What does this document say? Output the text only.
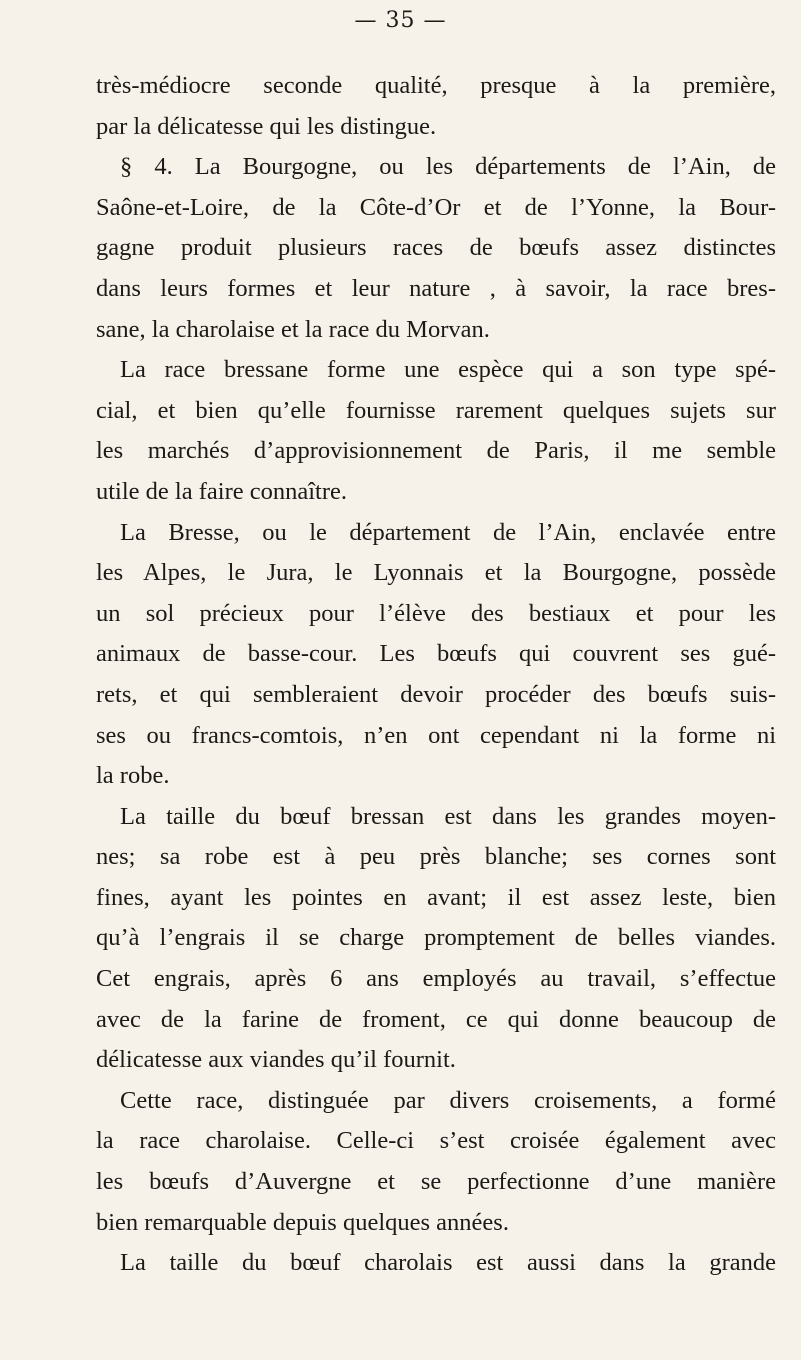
— 35 —
très-médiocre seconde qualité, presque à la première,
par la délicatesse qui les distingue.
§ 4. La Bourgogne, ou les départements de l’Ain, de
Saône-et-Loire, de la Côte-d’Or et de l’Yonne, la Bour-
gagne produit plusieurs races de bœufs assez distinctes
dans leurs formes et leur nature , à savoir, la race bres-
sane, la charolaise et la race du Morvan.
La race bressane forme une espèce qui a son type spé-
cial, et bien qu’elle fournisse rarement quelques sujets sur
les marchés d’approvisionnement de Paris, il me semble
utile de la faire connaître.
La Bresse, ou le département de l’Ain, enclavée entre
les Alpes, le Jura, le Lyonnais et la Bourgogne, possède
un sol précieux pour l’élève des bestiaux et pour les
animaux de basse-cour. Les bœufs qui couvrent ses gué-
rets, et qui sembleraient devoir procéder des bœufs suis-
ses ou francs-comtois, n’en ont cependant ni la forme ni
la robe.
La taille du bœuf bressan est dans les grandes moyen-
nes; sa robe est à peu près blanche; ses cornes sont
fines, ayant les pointes en avant; il est assez leste, bien
qu’à l’engrais il se charge promptement de belles viandes.
Cet engrais, après 6 ans employés au travail, s’effectue
avec de la farine de froment, ce qui donne beaucoup de
délicatesse aux viandes qu’il fournit.
Cette race, distinguée par divers croisements, a formé
la race charolaise. Celle-ci s’est croisée également avec
les bœufs d’Auvergne et se perfectionne d’une manière
bien remarquable depuis quelques années.
La taille du bœuf charolais est aussi dans la grande
